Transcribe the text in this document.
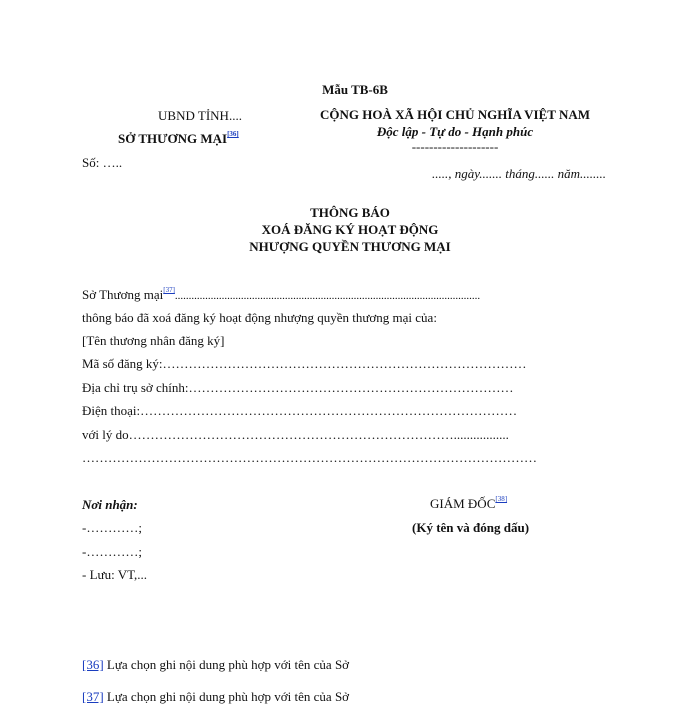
Mẫu TB-6B
UBND TỈNH....
SỞ THƯƠNG MẠI[36]
Số: …..
CỘNG HOÀ XÃ HỘI CHỦ NGHĨA VIỆT NAM
Độc lập - Tự do - Hạnh phúc
--------------------
....., ngày....... tháng...... năm........
THÔNG BÁO
XOÁ ĐĂNG KÝ HOẠT ĐỘNG
NHƯỢNG QUYỀN THƯƠNG MẠI
Sở Thương mại[37]...............................................................................................................
thông báo đã xoá đăng ký hoạt động nhượng quyền thương mại của:
[Tên thương nhân đăng ký]
Mã số đăng ký:…………………………………………………………………………
Địa chỉ trụ sở chính:…………………………………………………………………
Điện thoại:……………………………………………………………………………
với lý do………………………………………………………………….................
……………………………………………………………………………………………
Nơi nhận:
-…………;
-…………;
- Lưu: VT,...
GIÁM ĐỐC[38]
(Ký tên và đóng dấu)
[36] Lựa chọn ghi nội dung phù hợp với tên của Sở
[37] Lựa chọn ghi nội dung phù hợp với tên của Sở
